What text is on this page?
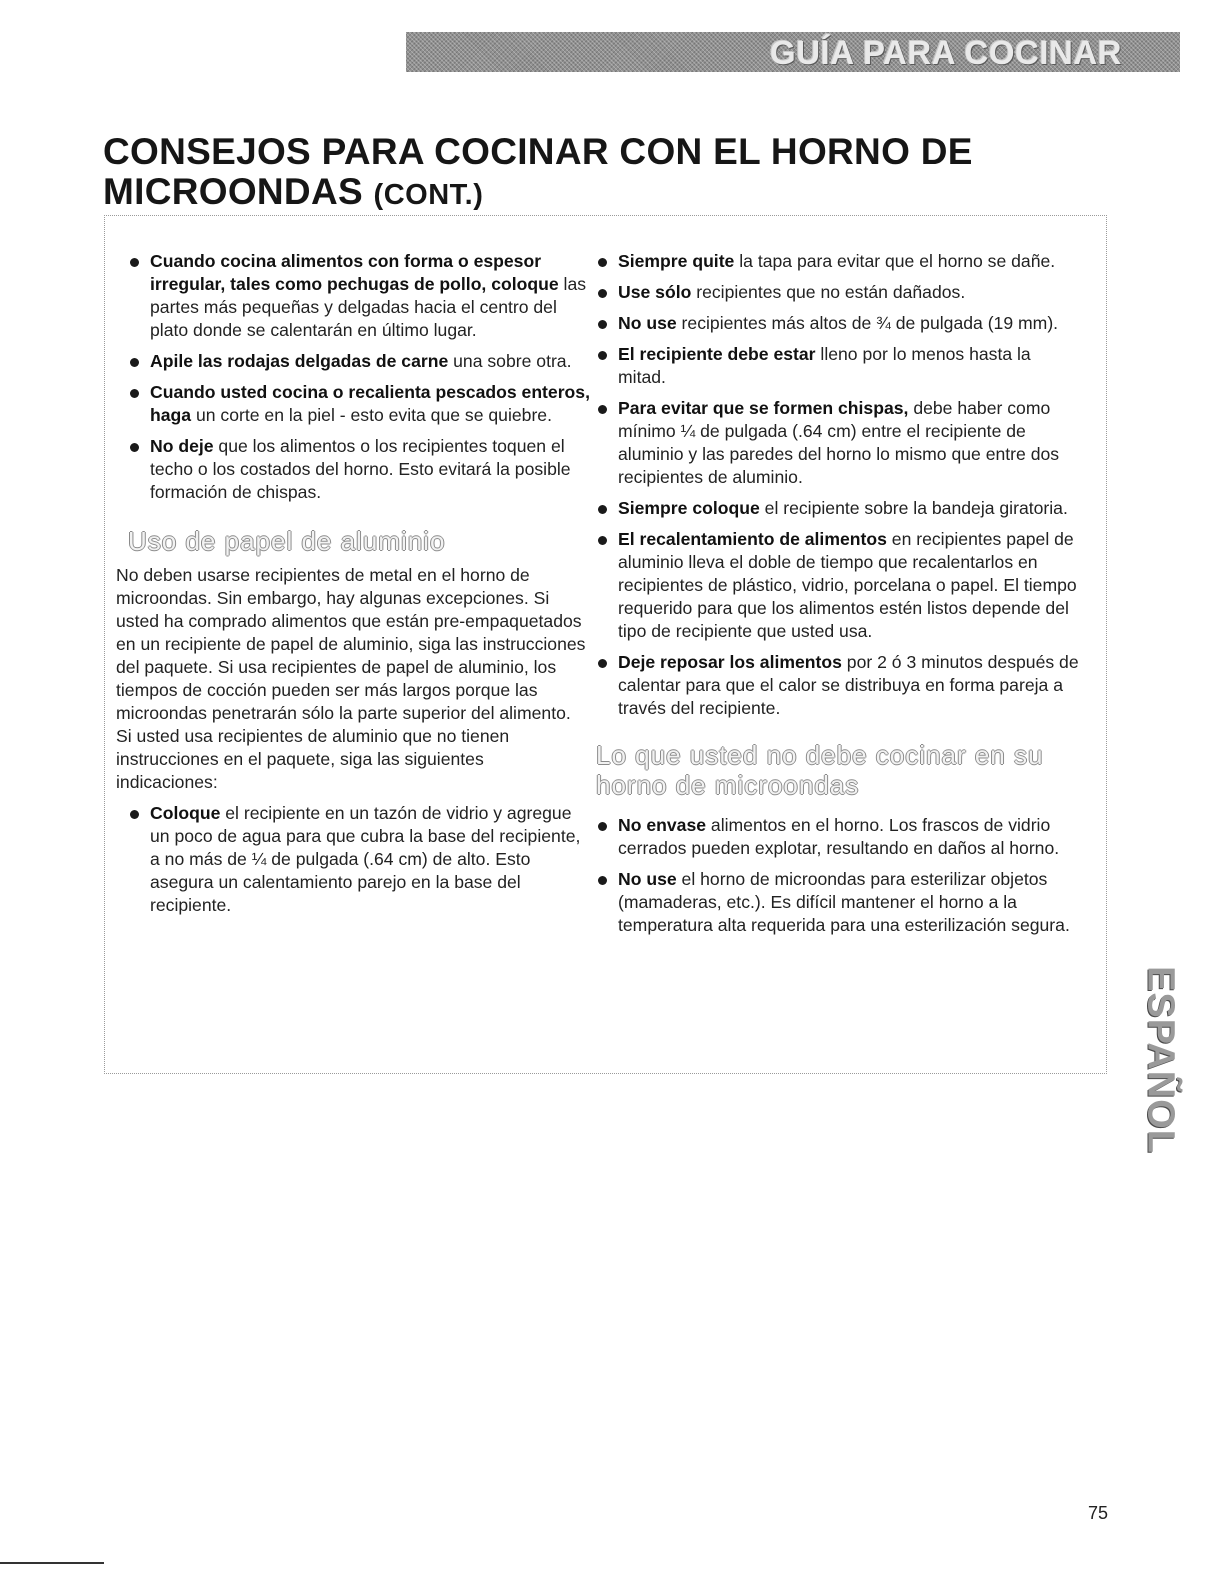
GUÍA PARA COCINAR
CONSEJOS PARA COCINAR CON EL HORNO DE MICROONDAS (CONT.)
Cuando cocina alimentos con forma o espesor irregular, tales como pechugas de pollo, coloque las partes más pequeñas y delgadas hacia el centro del plato donde se calentarán en último lugar.
Apile las rodajas delgadas de carne una sobre otra.
Cuando usted cocina o recalienta pescados enteros, haga un corte en la piel - esto evita que se quiebre.
No deje que los alimentos o los recipientes toquen el techo o los costados del horno. Esto evitará la posible formación de chispas.
Uso de papel de aluminio

No deben usarse recipientes de metal en el horno de microondas. Sin embargo, hay algunas excepciones. Si usted ha comprado alimentos que están pre-empaquetados en un recipiente de papel de aluminio, siga las instrucciones del paquete. Si usa recipientes de papel de aluminio, los tiempos de cocción pueden ser más largos porque las microondas penetrarán sólo la parte superior del alimento. Si usted usa recipientes de aluminio que no tienen instrucciones en el paquete, siga las siguientes indicaciones:

Coloque el recipiente en un tazón de vidrio y agregue un poco de agua para que cubra la base del recipiente, a no más de ¼ de pulgada (.64 cm) de alto. Esto asegura un calentamiento parejo en la base del recipiente.
Siempre quite la tapa para evitar que el horno se dañe.
Use sólo recipientes que no están dañados.
No use recipientes más altos de ¾ de pulgada (19 mm).
El recipiente debe estar lleno por lo menos hasta la mitad.
Para evitar que se formen chispas, debe haber como mínimo ¼ de pulgada (.64 cm) entre el recipiente de aluminio y las paredes del horno lo mismo que entre dos recipientes de aluminio.
Siempre coloque el recipiente sobre la bandeja giratoria.
El recalentamiento de alimentos en recipientes papel de aluminio lleva el doble de tiempo que recalentarlos en recipientes de plástico, vidrio, porcelana o papel. El tiempo requerido para que los alimentos estén listos depende del tipo de recipiente que usted usa.
Deje reposar los alimentos por 2 ó 3 minutos después de calentar para que el calor se distribuya en forma pareja a través del recipiente.
Lo que usted no debe cocinar en su horno de microondas
No envase alimentos en el horno. Los frascos de vidrio cerrados pueden explotar, resultando en daños al horno.
No use el horno de microondas para esterilizar objetos (mamaderas, etc.). Es difícil mantener el horno a la temperatura alta requerida para una esterilización segura.
ESPAÑOL
75
